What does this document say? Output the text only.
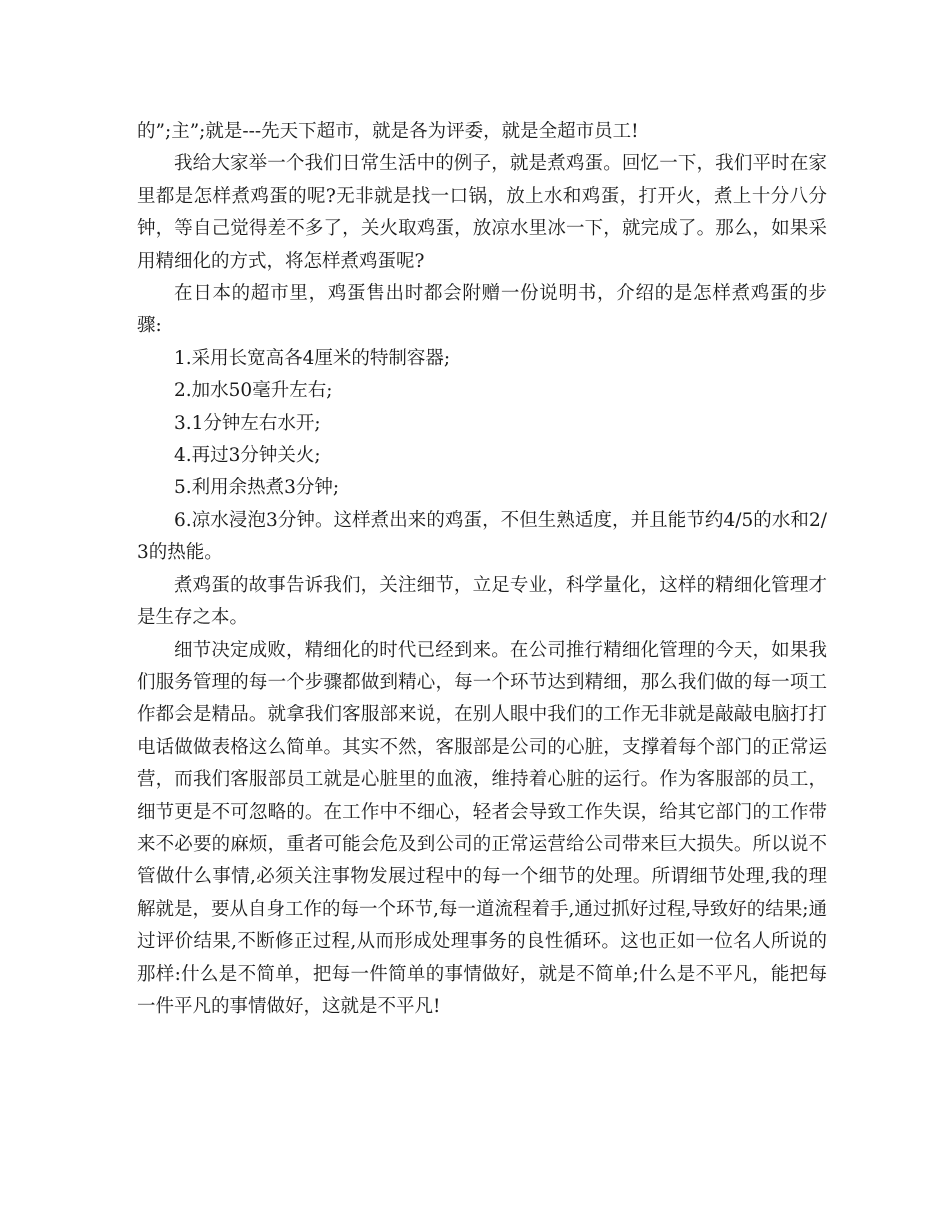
的”;主”;就是---先天下超市，就是各为评委，就是全超市员工!

我给大家举一个我们日常生活中的例子，就是煮鸡蛋。回忆一下，我们平时在家里都是怎样煮鸡蛋的呢?无非就是找一口锅，放上水和鸡蛋，打开火，煮上十分八分钟，等自己觉得差不多了，关火取鸡蛋，放凉水里冰一下，就完成了。那么，如果采用精细化的方式，将怎样煮鸡蛋呢?

在日本的超市里，鸡蛋售出时都会附赠一份说明书，介绍的是怎样煮鸡蛋的步骤:

1.采用长宽高各4厘米的特制容器;

2.加水50毫升左右;

3.1分钟左右水开;

4.再过3分钟关火;

5.利用余热煮3分钟;

6.凉水浸泡3分钟。这样煮出来的鸡蛋，不但生熟适度，并且能节约4/5的水和2/3的热能。

煮鸡蛋的故事告诉我们，关注细节，立足专业，科学量化，这样的精细化管理才是生存之本。

细节决定成败，精细化的时代已经到来。在公司推行精细化管理的今天，如果我们服务管理的每一个步骤都做到精心，每一个环节达到精细，那么我们做的每一项工作都会是精品。就拿我们客服部来说，在别人眼中我们的工作无非就是敲敲电脑打打电话做做表格这么简单。其实不然，客服部是公司的心脏，支撑着每个部门的正常运营，而我们客服部员工就是心脏里的血液，维持着心脏的运行。作为客服部的员工，细节更是不可忽略的。在工作中不细心，轻者会导致工作失误，给其它部门的工作带来不必要的麻烦，重者可能会危及到公司的正常运营给公司带来巨大损失。所以说不管做什么事情,必须关注事物发展过程中的每一个细节的处理。所谓细节处理,我的理解就是，要从自身工作的每一个环节,每一道流程着手,通过抓好过程,导致好的结果;通过评价结果,不断修正过程,从而形成处理事务的良性循环。这也正如一位名人所说的那样:什么是不简单，把每一件简单的事情做好，就是不简单;什么是不平凡，能把每一件平凡的事情做好，这就是不平凡!
